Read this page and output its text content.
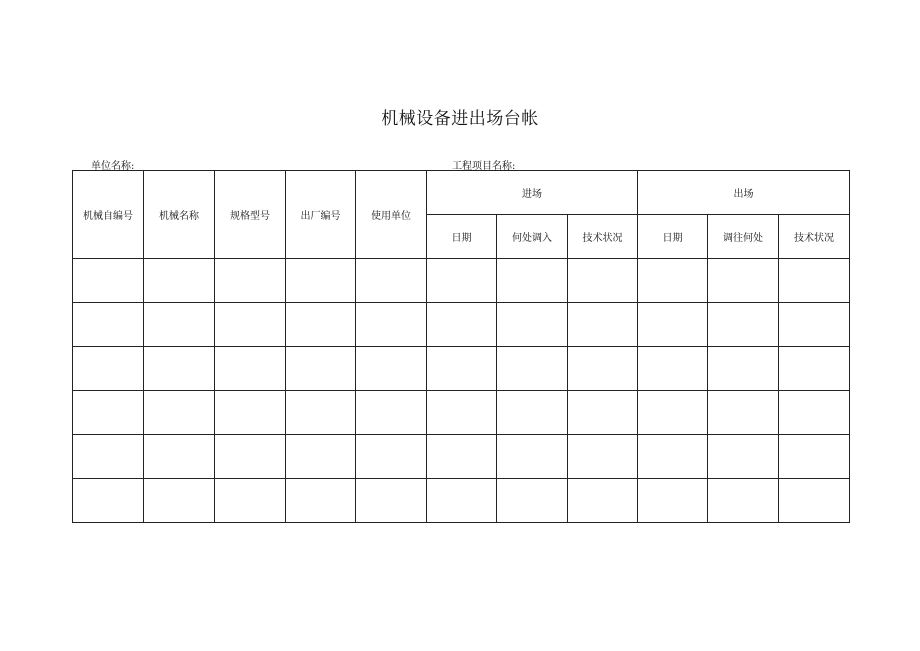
机械设备进出场台帐
单位名称:	工程项目名称:
机械自编号	机械名称	规格型号	出厂编号	使用单位	进场			出场		
					日期	何处调入	技术状况	日期	调往何处	技术状况
